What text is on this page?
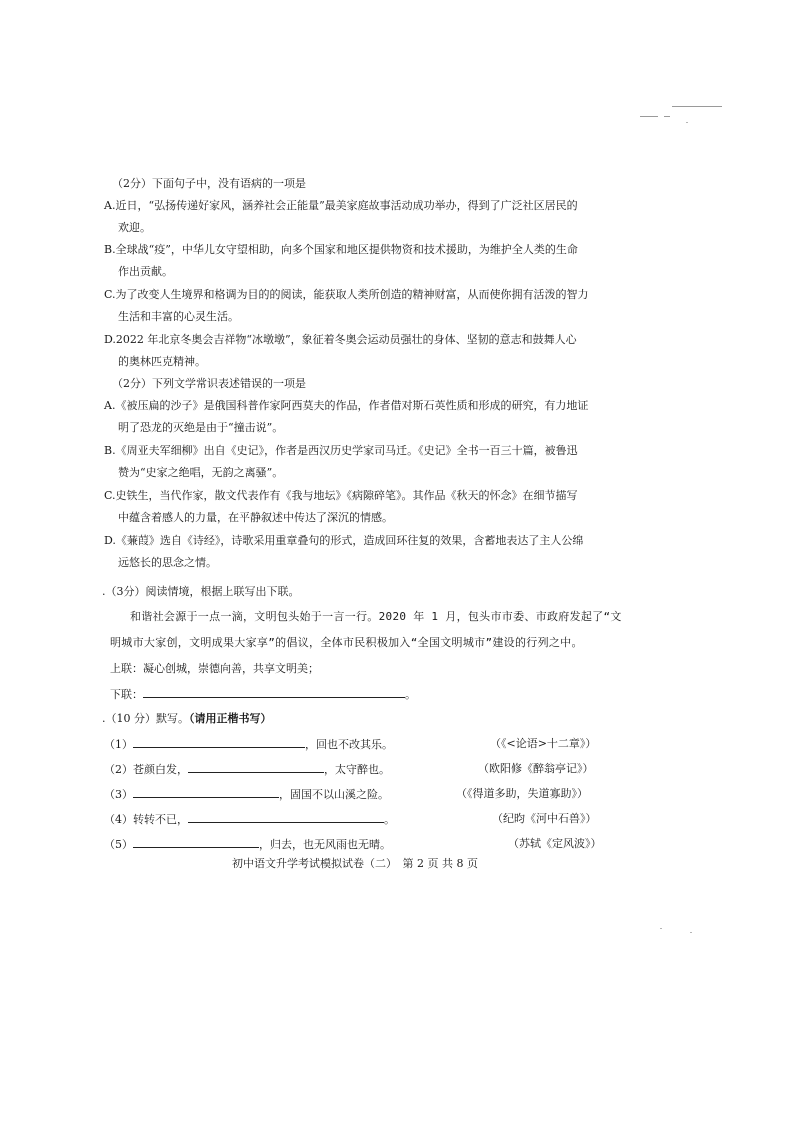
（2分）下面句子中，没有语病的一项是
A.近日，“弘扬传递好家风，涵养社会正能量”最美家庭故事活动成功举办，得到了广泛社区居民的
欢迎。
B.全球战“疫”，中华儿女守望相助，向多个国家和地区提供物资和技术援助，为维护全人类的生命
作出贡献。
C.为了改变人生境界和格调为目的的阅读，能获取人类所创造的精神财富，从而使你拥有活泼的智力
生活和丰富的心灵生活。
D.2022 年北京冬奥会吉祥物“冰墩墩”，象征着冬奥会运动员强壮的身体、坚韧的意志和鼓舞人心
的奥林匹克精神。
（2分）下列文学常识表述错误的一项是
A.《被压扁的沙子》是俄国科普作家阿西莫夫的作品，作者借对斯石英性质和形成的研究，有力地证
明了恐龙的灭绝是由于“撞击说”。
B.《周亚夫军细柳》出自《史记》，作者是西汉历史学家司马迁。《史记》全书一百三十篇，被鲁迅
赞为“史家之绝唱，无韵之离骚”。
C.史铁生，当代作家，散文代表作有《我与地坛》《病隙碎笔》。其作品《秋天的怀念》在细节描写
中蕴含着感人的力量，在平静叙述中传达了深沉的情感。
D.《蒹葭》选自《诗经》，诗歌采用重章叠句的形式，造成回环往复的效果，含蓄地表达了主人公绵
远悠长的思念之情。
.（3分）阅读情境，根据上联写出下联。
和谐社会源于一点一滴，文明包头始于一言一行。2020 年 1 月，包头市市委、市政府发起了“文
明城市大家创，文明成果大家享”的倡议，全体市民积极加入“全国文明城市”建设的行列之中。
上联：凝心创城，崇德向善，共享文明美；
下联：	。
.（10 分）默写。（请用正楷书写）
（1）	，回也不改其乐。	（《<论语>十二章》）
（2）苍颜白发，	，太守醉也。	（欧阳修《醉翁亭记》）
（3）	，固国不以山溪之险。	（《得道多助，失道寡助》）
（4）转转不已，	。	（纪昀《河中石兽》）
（5）	，归去，也无风雨也无晴。	（苏轼《定风波》）
初中语文升学考试模拟试卷（二）　第 2 页 共 8 页
